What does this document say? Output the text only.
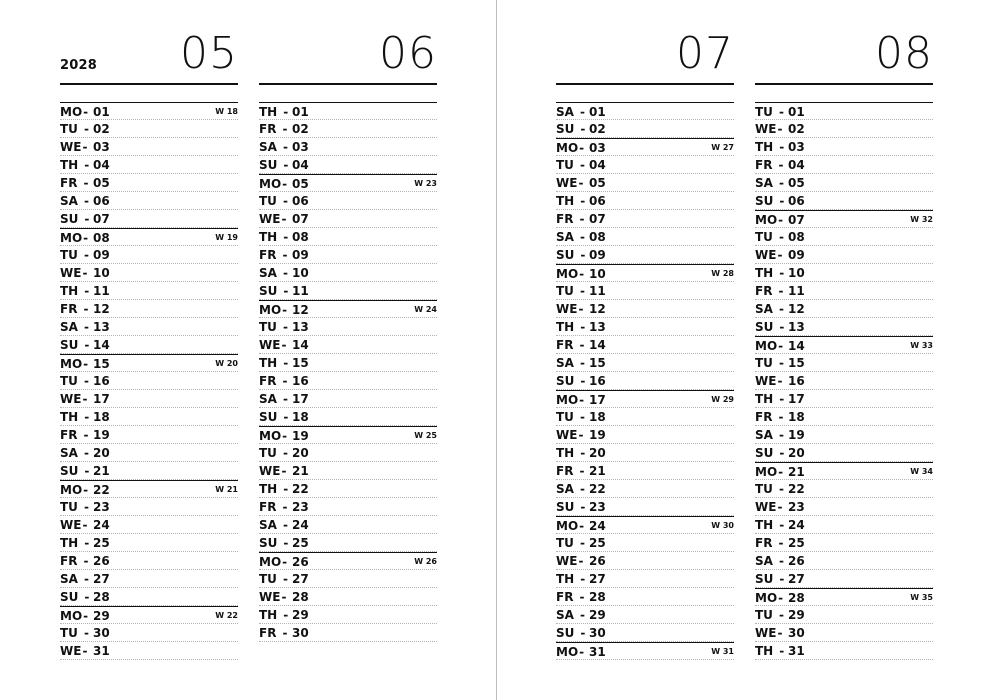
2028 05
MO- 01	W 18
TU - 02
WE- 03
TH - 04
FR - 05
SA - 06
SU - 07
MO- 08	W 19
TU - 09
WE- 10
TH - 11
FR - 12
SA - 13
SU - 14
MO- 15	W 20
TU - 16
WE- 17
TH - 18
FR - 19
SA - 20
SU - 21
MO- 22	W 21
TU - 23
WE- 24
TH - 25
FR - 26
SA - 27
SU - 28
MO- 29	W 22
TU - 30
WE- 31
06
TH - 01
FR - 02
SA - 03
SU - 04
MO- 05	W 23
TU - 06
WE- 07
TH - 08
FR - 09
SA - 10
SU - 11
MO- 12	W 24
TU - 13
WE- 14
TH - 15
FR - 16
SA - 17
SU - 18
MO- 19	W 25
TU - 20
WE- 21
TH - 22
FR - 23
SA - 24
SU - 25
MO- 26	W 26
TU - 27
WE- 28
TH - 29
FR - 30
07
SA - 01
SU - 02
MO- 03	W 27
TU - 04
WE- 05
TH - 06
FR - 07
SA - 08
SU - 09
MO- 10	W 28
TU - 11
WE- 12
TH - 13
FR - 14
SA - 15
SU - 16
MO- 17	W 29
TU - 18
WE- 19
TH - 20
FR - 21
SA - 22
SU - 23
MO- 24	W 30
TU - 25
WE- 26
TH - 27
FR - 28
SA - 29
SU - 30
MO- 31	W 31
08
TU - 01
WE- 02
TH - 03
FR - 04
SA - 05
SU - 06
MO- 07	W 32
TU - 08
WE- 09
TH - 10
FR - 11
SA - 12
SU - 13
MO- 14	W 33
TU - 15
WE- 16
TH - 17
FR - 18
SA - 19
SU - 20
MO- 21	W 34
TU - 22
WE- 23
TH - 24
FR - 25
SA - 26
SU - 27
MO- 28	W 35
TU - 29
WE- 30
TH - 31
